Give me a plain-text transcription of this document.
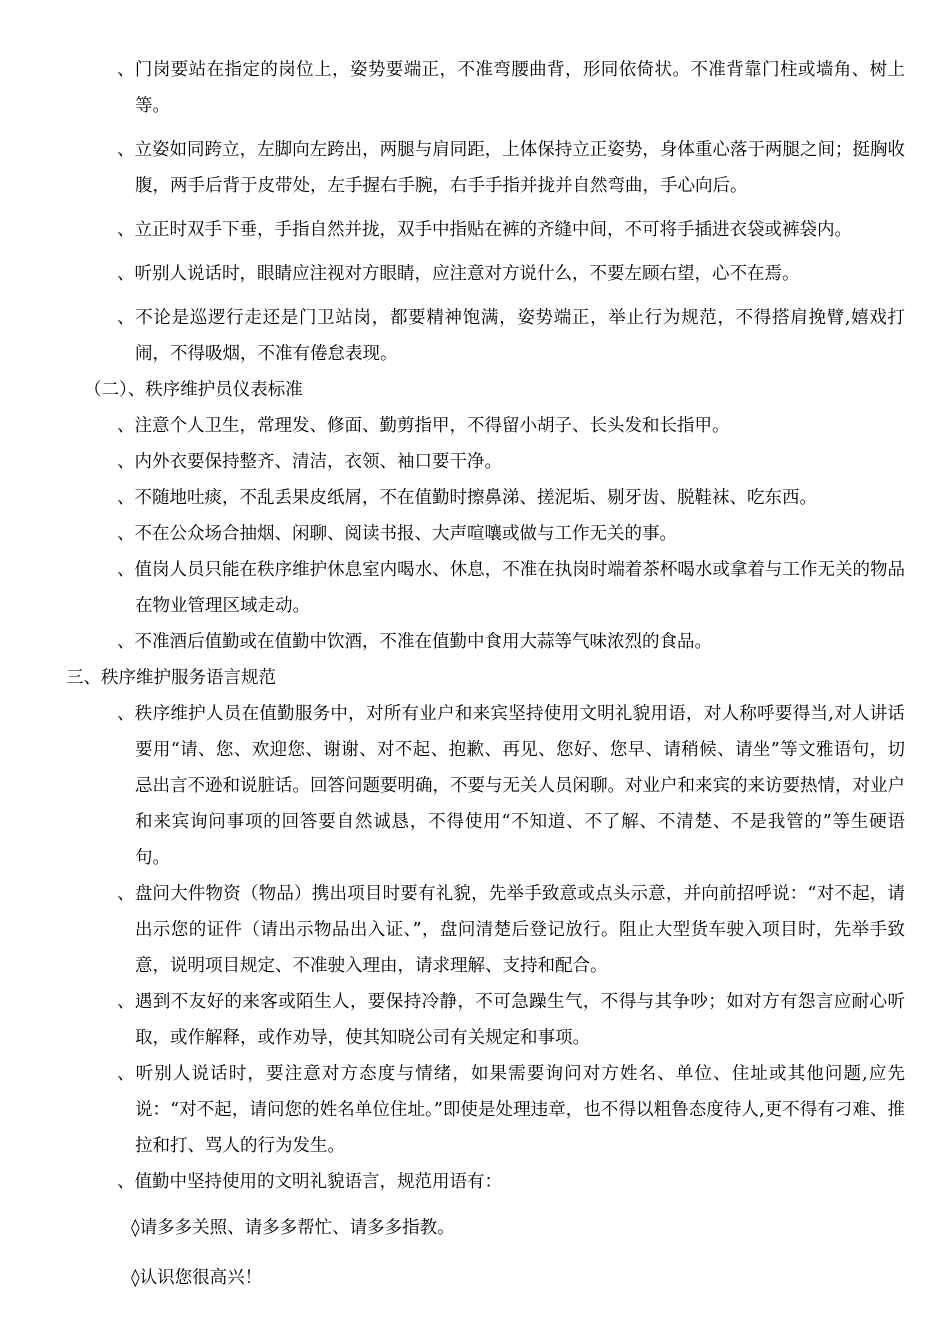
、门岗要站在指定的岗位上，姿势要端正，不准弯腰曲背，形同依倚状。不准背靠门柱或墙角、树上等。

、立姿如同跨立，左脚向左跨出，两腿与肩同距，上体保持立正姿势，身体重心落于两腿之间；挺胸收腹，两手后背于皮带处，左手握右手腕，右手手指并拢并自然弯曲，手心向后。

、立正时双手下垂，手指自然并拢，双手中指贴在裤的齐缝中间，不可将手插进衣袋或裤袋内。

、听别人说话时，眼睛应注视对方眼睛，应注意对方说什么，不要左顾右望，心不在焉。

、不论是巡逻行走还是门卫站岗，都要精神饱满，姿势端正，举止行为规范，不得搭肩挽臂,嬉戏打闹，不得吸烟，不准有倦怠表现。

（二）、秩序维护员仪表标准

、注意个人卫生，常理发、修面、勤剪指甲，不得留小胡子、长头发和长指甲。

、内外衣要保持整齐、清洁，衣领、袖口要干净。

、不随地吐痰，不乱丢果皮纸屑，不在值勤时擦鼻涕、搓泥垢、剔牙齿、脱鞋袜、吃东西。

、不在公众场合抽烟、闲聊、阅读书报、大声喧嚷或做与工作无关的事。

、值岗人员只能在秩序维护休息室内喝水、休息，不准在执岗时端着茶杯喝水或拿着与工作无关的物品在物业管理区域走动。

、不准酒后值勤或在值勤中饮酒，不准在值勤中食用大蒜等气味浓烈的食品。

三、秩序维护服务语言规范

、秩序维护人员在值勤服务中，对所有业户和来宾坚持使用文明礼貌用语，对人称呼要得当,对人讲话要用“请、您、欢迎您、谢谢、对不起、抱歉、再见、您好、您早、请稍候、请坐”等文雅语句，切忌出言不逊和说脏话。回答问题要明确，不要与无关人员闲聊。对业户和来宾的来访要热情，对业户和来宾询问事项的回答要自然诚恳，不得使用“不知道、不了解、不清楚、不是我管的”等生硬语句。

、盘问大件物资（物品）携出项目时要有礼貌，先举手致意或点头示意，并向前招呼说：“对不起，请出示您的证件（请出示物品出入证、”，盘问清楚后登记放行。阻止大型货车驶入项目时，先举手致意，说明项目规定、不准驶入理由，请求理解、支持和配合。

、遇到不友好的来客或陌生人，要保持冷静，不可急躁生气，不得与其争吵；如对方有怨言应耐心听取，或作解释，或作劝导，使其知晓公司有关规定和事项。

、听别人说话时，要注意对方态度与情绪，如果需要询问对方姓名、单位、住址或其他问题,应先说：“对不起，请问您的姓名单位住址。”即使是处理违章，也不得以粗鲁态度待人,更不得有刁难、推拉和打、骂人的行为发生。

、值勤中坚持使用的文明礼貌语言，规范用语有：

◊请多多关照、请多多帮忙、请多多指教。

◊认识您很高兴！
